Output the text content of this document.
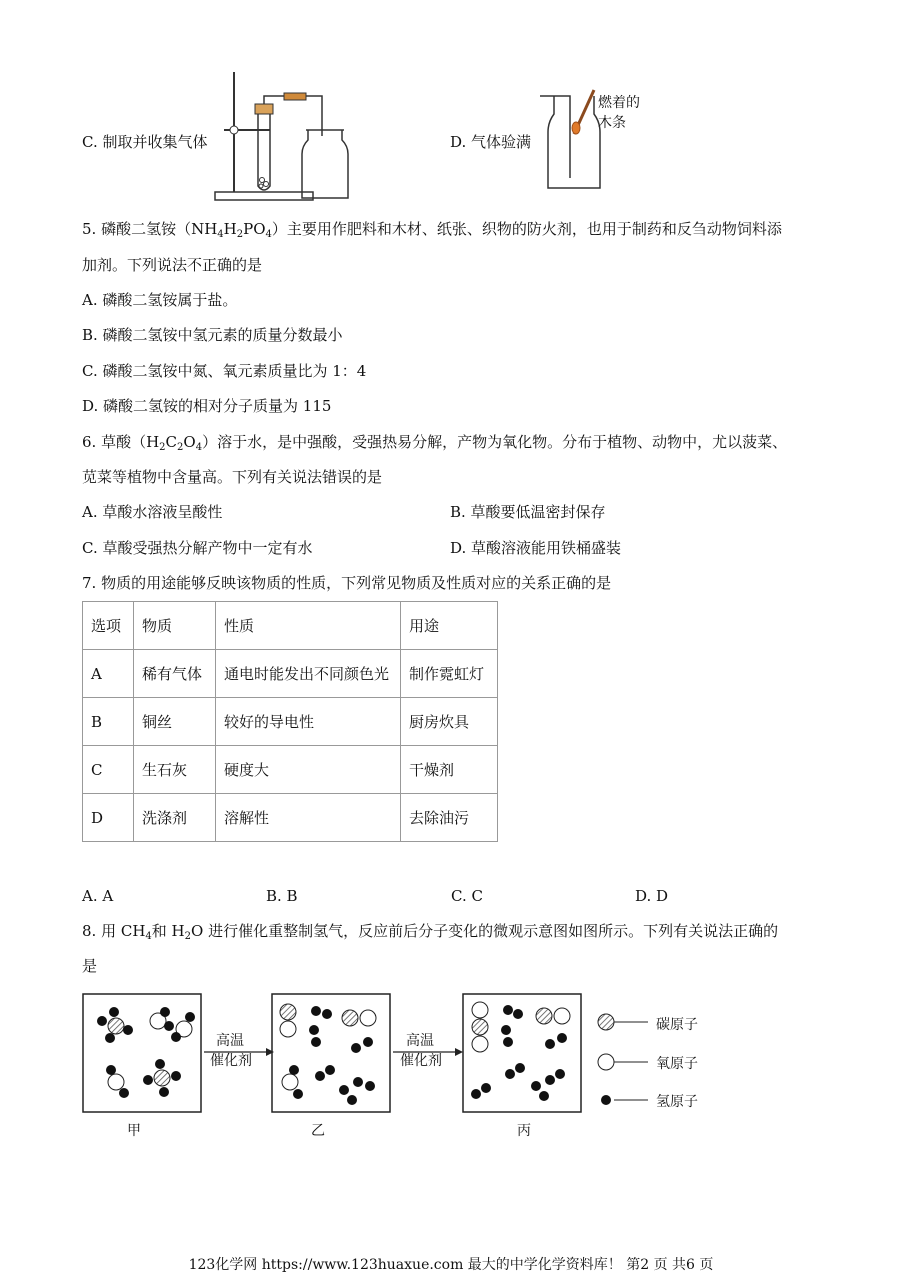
C. 制取并收集气体	D. 气体验满
燃着的
木条
5. 磷酸二氢铵$(NH_4H_2PO_4)$主要用作肥料和木材、纸张、织物的防火剂，也用于制药和反刍动物饲料添
加剂。下列说法不正确的是
A. 磷酸二氢铵属于盐。
B. 磷酸二氢铵中氢元素的质量分数最小
C. 磷酸二氢铵中氮、氧元素质量比为 1：4
D. 磷酸二氢铵的相对分子质量为 115
6. 草酸$(H_2C_2O_4)$溶于水，是中强酸，受强热易分解，产物为氧化物。分布于植物、动物中，尤以菠菜、
苋菜等植物中含量高。下列有关说法错误的是
A. 草酸水溶液呈酸性	B. 草酸要低温密封保存
C. 草酸受强热分解产物中一定有水	D. 草酸溶液能用铁桶盛装
7. 物质的用途能够反映该物质的性质，下列常见物质及性质对应的关系正确的是
选项	物质	性质	用途
A	稀有气体	通电时能发出不同颜色光	制作霓虹灯
B	铜丝	较好的导电性	厨房炊具
C	生石灰	硬度大	干燥剂
D	洗涤剂	溶解性	去除油污
A. A	B. B	C. C	D. D
8. 用 $CH_4$和 $H_2O$ 进行催化重整制氢气，反应前后分子变化的微观示意图如图所示。下列有关说法正确的
是
高温
催化剂
高温
催化剂
甲	乙	丙
碳原子
氧原子
氢原子
123化学网 https://www.123huaxue.com 最大的中学化学资料库！ 第2 页 共6 页
